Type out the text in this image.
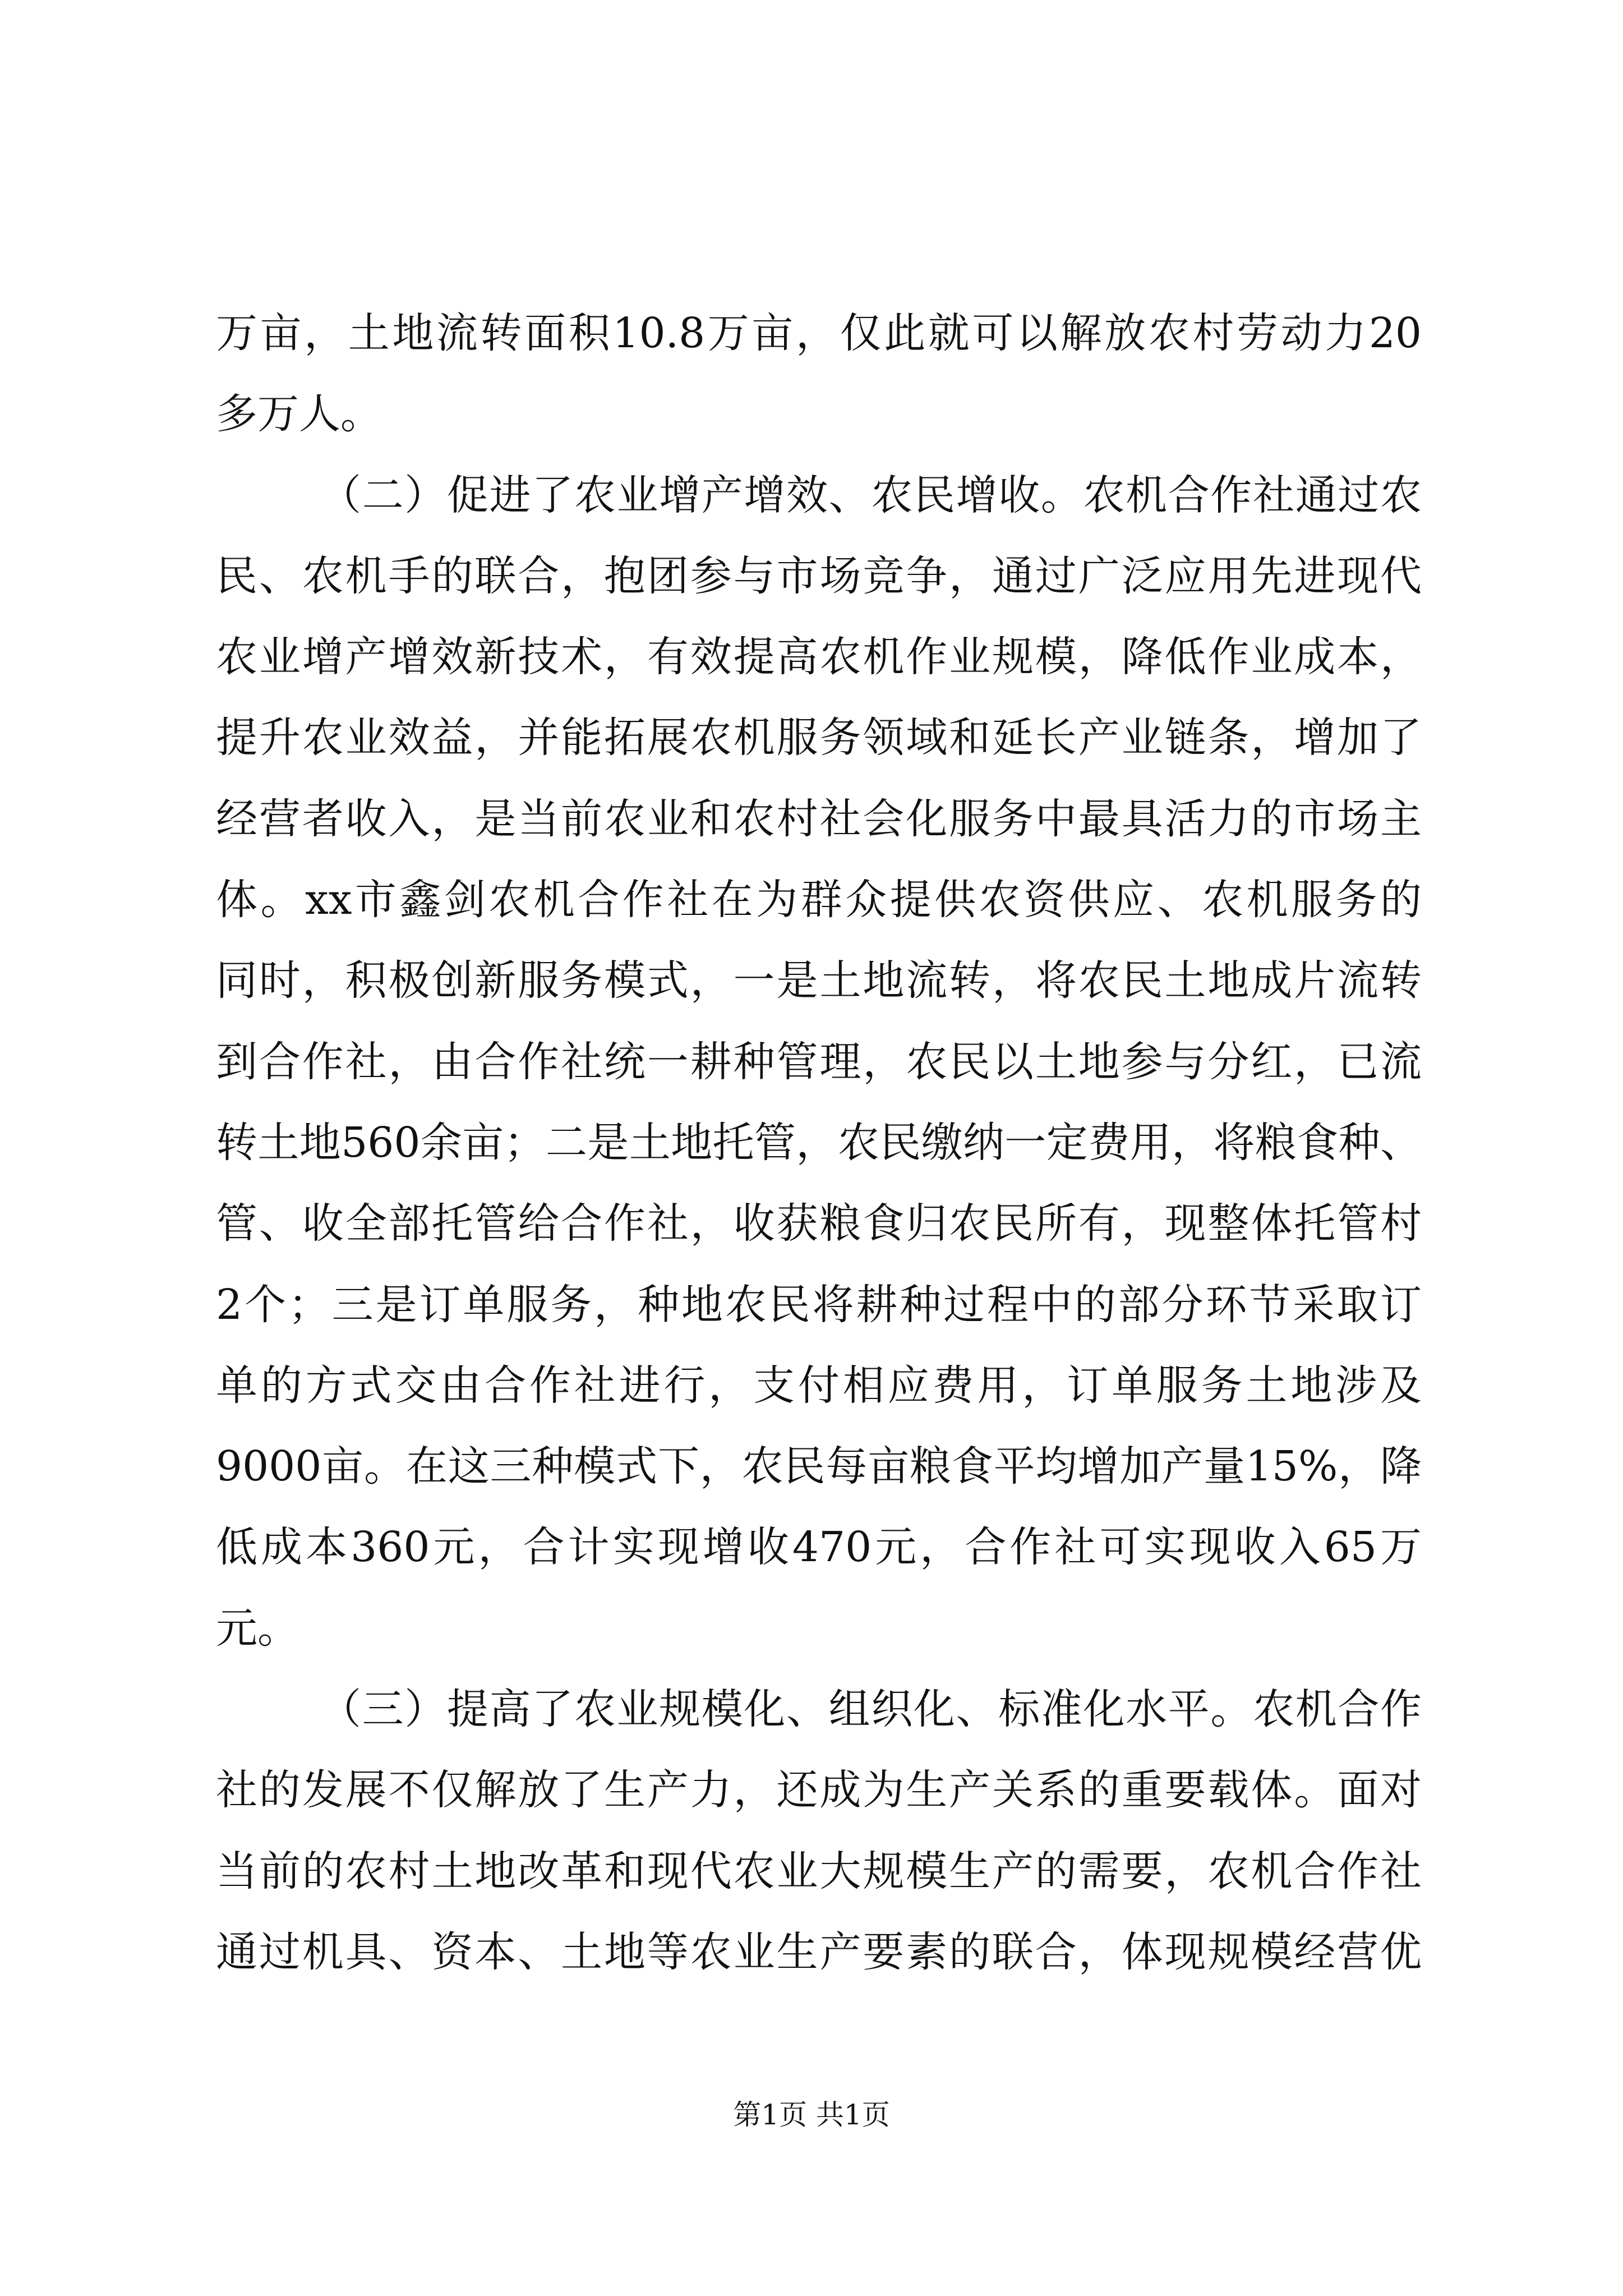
万亩，土地流转面积10.8万亩，仅此就可以解放农村劳动力20
多万人。

（二）促进了农业增产增效、农民增收。农机合作社通过农
民、农机手的联合，抱团参与市场竞争，通过广泛应用先进现代
农业增产增效新技术，有效提高农机作业规模，降低作业成本，
提升农业效益，并能拓展农机服务领域和延长产业链条，增加了
经营者收入，是当前农业和农村社会化服务中最具活力的市场主
体。xx市鑫剑农机合作社在为群众提供农资供应、农机服务的
同时，积极创新服务模式，一是土地流转，将农民土地成片流转
到合作社，由合作社统一耕种管理，农民以土地参与分红，已流
转土地560余亩；二是土地托管，农民缴纳一定费用，将粮食种、
管、收全部托管给合作社，收获粮食归农民所有，现整体托管村
2个；三是订单服务，种地农民将耕种过程中的部分环节采取订
单的方式交由合作社进行，支付相应费用，订单服务土地涉及
9000亩。在这三种模式下，农民每亩粮食平均增加产量15%，降
低成本360元，合计实现增收470元，合作社可实现收入65万
元。

（三）提高了农业规模化、组织化、标准化水平。农机合作
社的发展不仅解放了生产力，还成为生产关系的重要载体。面对
当前的农村土地改革和现代农业大规模生产的需要，农机合作社
通过机具、资本、土地等农业生产要素的联合，体现规模经营优

第1页 共1页
